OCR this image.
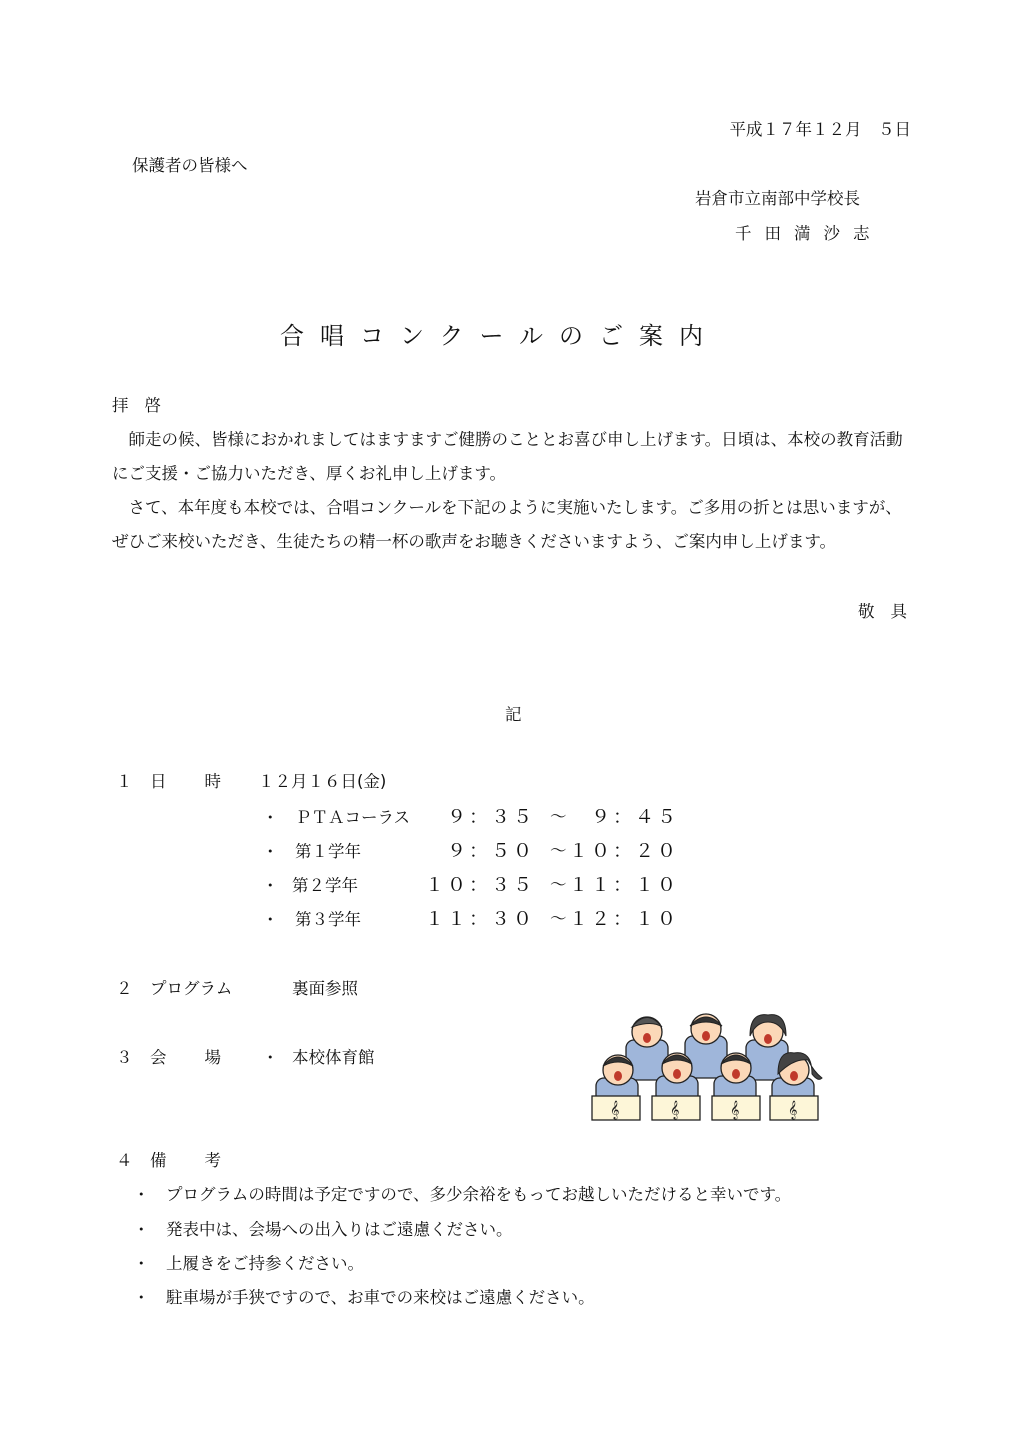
平成１７年１２月　５日
保護者の皆様へ
岩倉市立南部中学校長
千田満沙志
合唱コンクールのご案内
拝啓

師走の候、皆様におかれましてはますますご健勝のこととお喜び申し上げます。日頃は、本校の教育活動にご支援・ご協力いただき、厚くお礼申し上げます。

さて、本年度も本校では、合唱コンクールを下記のように実施いたします。ご多用の折とは思いますが、ぜひご来校いただき、生徒たちの精一杯の歌声をお聴きくださいますよう、ご案内申し上げます。

敬具
記
１ 日時 １２月１６日(金)
・ ＰＴＡコーラス ９：３５ ～ ９：４５
・ 第１学年	９：５０ ～ １０：２０
・ 第２学年	１０：３５ ～ １１：１０
・ 第３学年	１１：３０ ～ １２：１０
２ プログラム	裏面参照
３ 会場 ・ 本校体育館
𝄞	𝄞	𝄞	𝄞
４ 備考
・ プログラムの時間は予定ですので、多少余裕をもってお越しいただけると幸いです。
・ 発表中は、会場への出入りはご遠慮ください。
・ 上履きをご持参ください。
・ 駐車場が手狭ですので、お車での来校はご遠慮ください。
